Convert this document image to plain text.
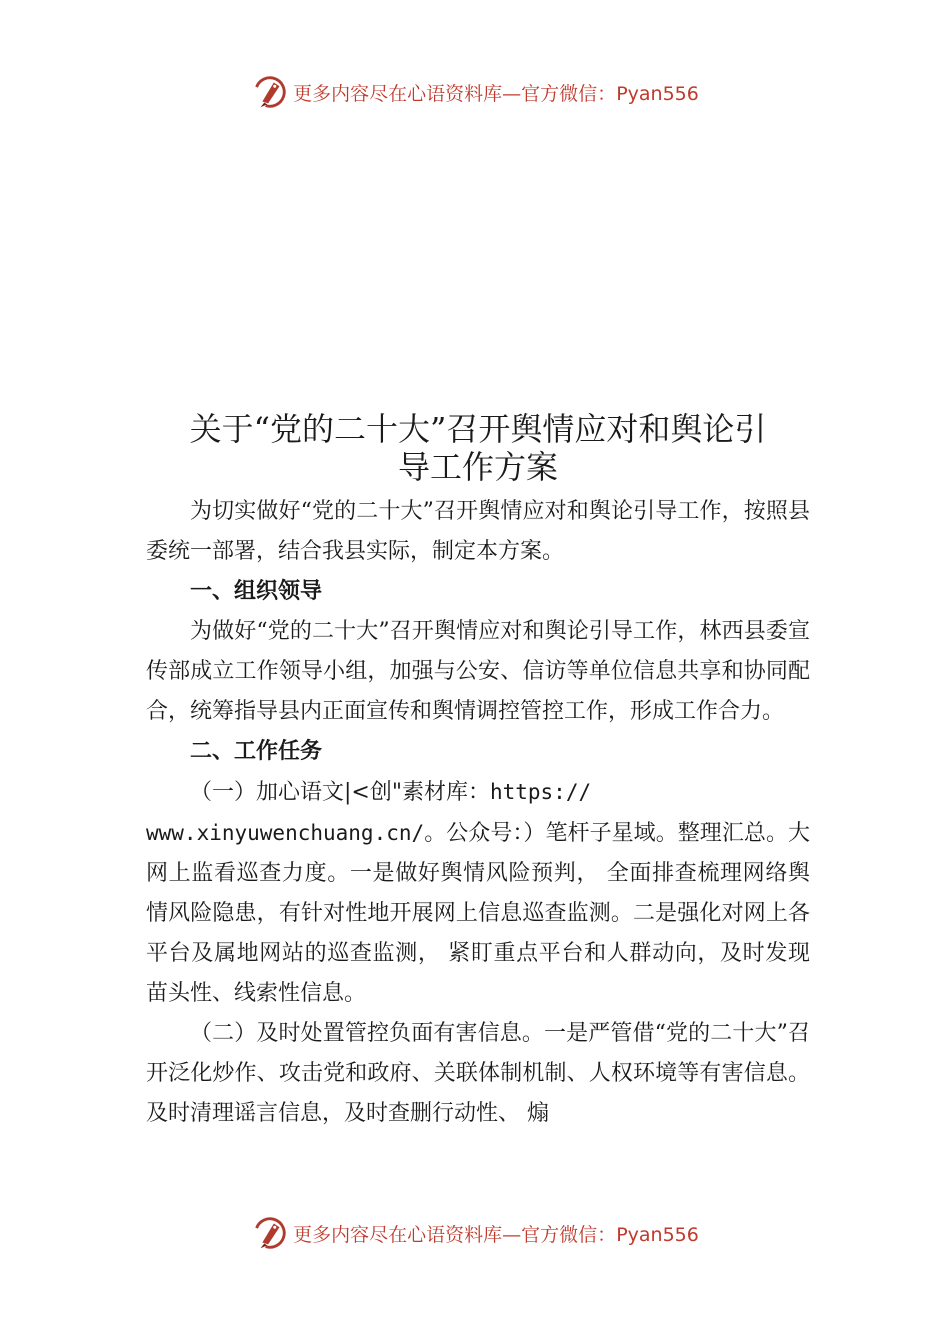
更多内容尽在心语资料库—官方微信：Pyan556
关于“党的二十大”召开舆情应对和舆论引
导工作方案

为切实做好“党的二十大”召开舆情应对和舆论引导工作，按照县委统一部署，结合我县实际，制定本方案。

一、组织领导

为做好“党的二十大”召开舆情应对和舆论引导工作，林西县委宣传部成立工作领导小组，加强与公安、信访等单位信息共享和协同配合，统筹指导县内正面宣传和舆情调控管控工作，形成工作合力。

二、工作任务

（一）加心语文|<创"素材库：https://
www.xinyuwenchuang.cn/。公众号：）笔杆子星域。整理汇总。大网上监看巡查力度。一是做好舆情风险预判， 全面排查梳理网络舆情风险隐患，有针对性地开展网上信息巡查监测。二是强化对网上各平台及属地网站的巡查监测， 紧盯重点平台和人群动向，及时发现苗头性、线索性信息。

（二）及时处置管控负面有害信息。一是严管借“党的二十大”召开泛化炒作、攻击党和政府、关联体制机制、人权环境等有害信息。及时清理谣言信息，及时查删行动性、 煽

更多内容尽在心语资料库—官方微信：Pyan556
